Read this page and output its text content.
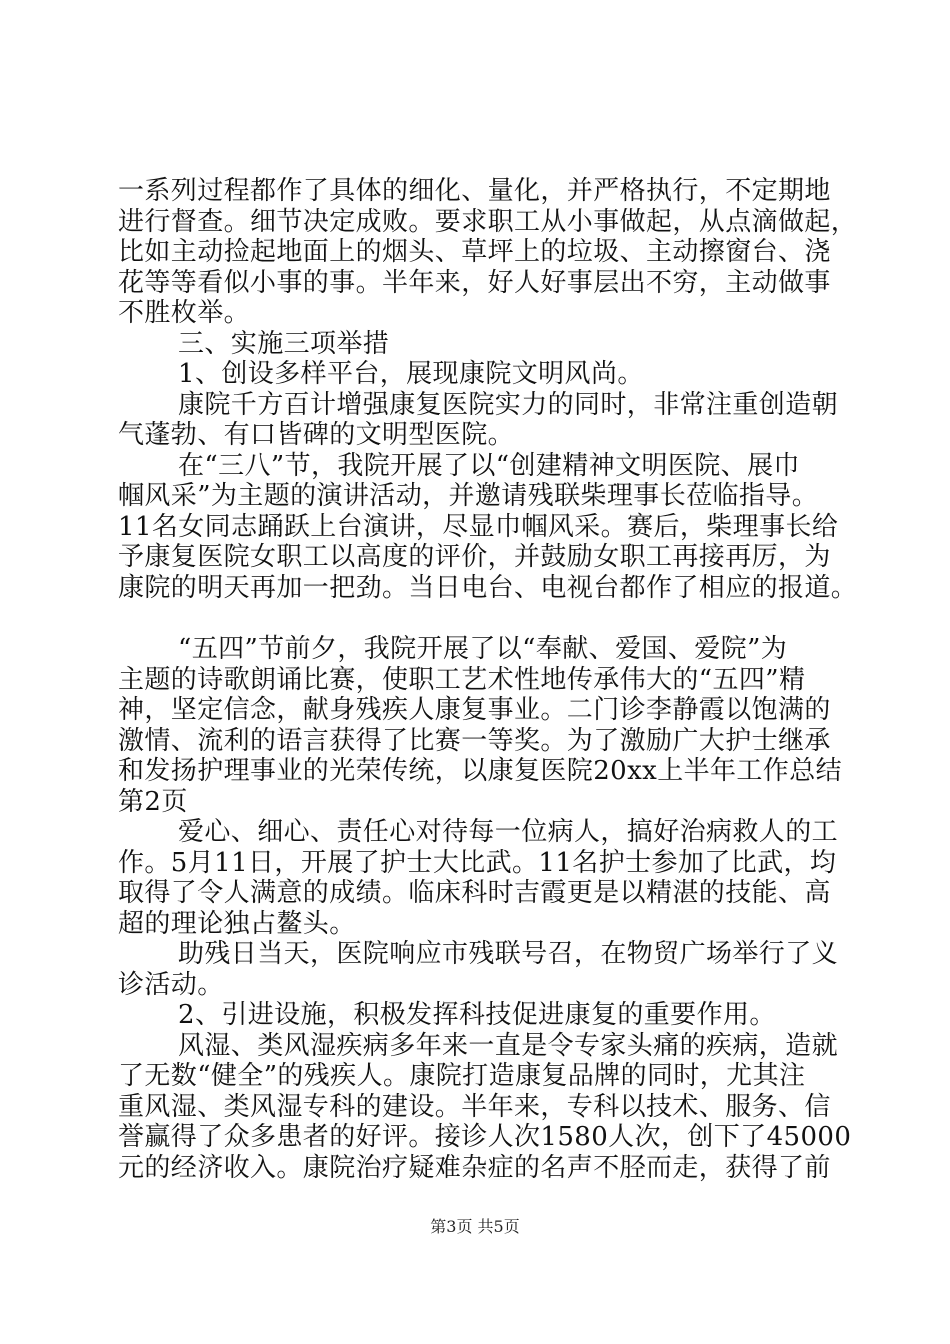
一系列过程都作了具体的细化、量化，并严格执行，不定期地
进行督查。细节决定成败。要求职工从小事做起，从点滴做起，
比如主动捡起地面上的烟头、草坪上的垃圾、主动擦窗台、浇
花等等看似小事的事。半年来，好人好事层出不穷，主动做事
不胜枚举。
三、实施三项举措
1、创设多样平台，展现康院文明风尚。
康院千方百计增强康复医院实力的同时，非常注重创造朝
气蓬勃、有口皆碑的文明型医院。
在“三八”节，我院开展了以“创建精神文明医院、展巾
帼风采”为主题的演讲活动，并邀请残联柴理事长莅临指导。
11名女同志踊跃上台演讲，尽显巾帼风采。赛后，柴理事长给
予康复医院女职工以高度的评价，并鼓励女职工再接再厉，为
康院的明天再加一把劲。当日电台、电视台都作了相应的报道。
“五四”节前夕，我院开展了以“奉献、爱国、爱院”为
主题的诗歌朗诵比赛，使职工艺术性地传承伟大的“五四”精
神，坚定信念，献身残疾人康复事业。二门诊李静霞以饱满的
激情、流利的语言获得了比赛一等奖。为了激励广大护士继承
和发扬护理事业的光荣传统，以康复医院20xx上半年工作总结
第2页
爱心、细心、责任心对待每一位病人，搞好治病救人的工
作。5月11日，开展了护士大比武。11名护士参加了比武，均
取得了令人满意的成绩。临床科时吉霞更是以精湛的技能、高
超的理论独占鳌头。
助残日当天，医院响应市残联号召，在物贸广场举行了义
诊活动。
2、引进设施，积极发挥科技促进康复的重要作用。
风湿、类风湿疾病多年来一直是令专家头痛的疾病，造就
了无数“健全”的残疾人。康院打造康复品牌的同时，尤其注
重风湿、类风湿专科的建设。半年来，专科以技术、服务、信
誉赢得了众多患者的好评。接诊人次1580人次，创下了45000
元的经济收入。康院治疗疑难杂症的名声不胫而走，获得了前
第3页 共5页
